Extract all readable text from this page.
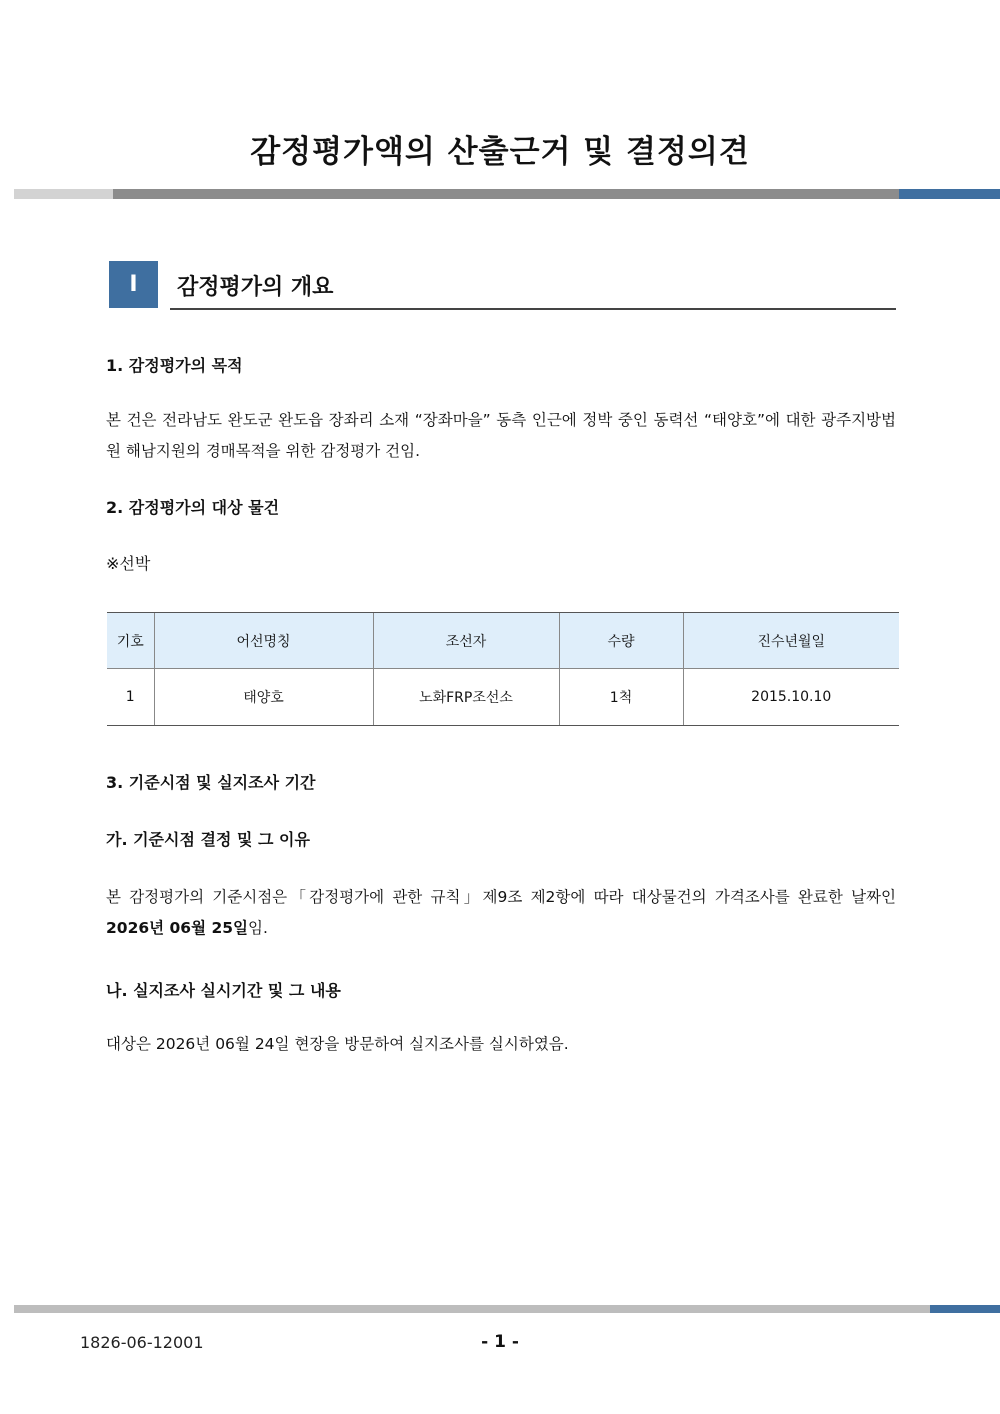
감정평가액의 산출근거 및 결정의견
Ⅰ	감정평가의 개요
1. 감정평가의 목적
본 건은 전라남도 완도군 완도읍 장좌리 소재 “장좌마을” 동측 인근에 정박 중인 동력선 “태양호”에 대한 광주지방법원 해남지원의 경매목적을 위한 감정평가 건임.
2. 감정평가의 대상 물건
※선박
기호	어선명칭	조선자	수량	진수년월일
1	태양호	노화FRP조선소	1척	2015.10.10
3. 기준시점 및 실지조사 기간
가. 기준시점 결정 및 그 이유
본 감정평가의 기준시점은「감정평가에 관한 규칙」제9조 제2항에 따라 대상물건의 가격조사를 완료한 날짜인 2026년 06월 25일임.
나. 실지조사 실시기간 및 그 내용
대상은 2026년 06월 24일 현장을 방문하여 실지조사를 실시하였음.
1826-06-12001	- 1 -
